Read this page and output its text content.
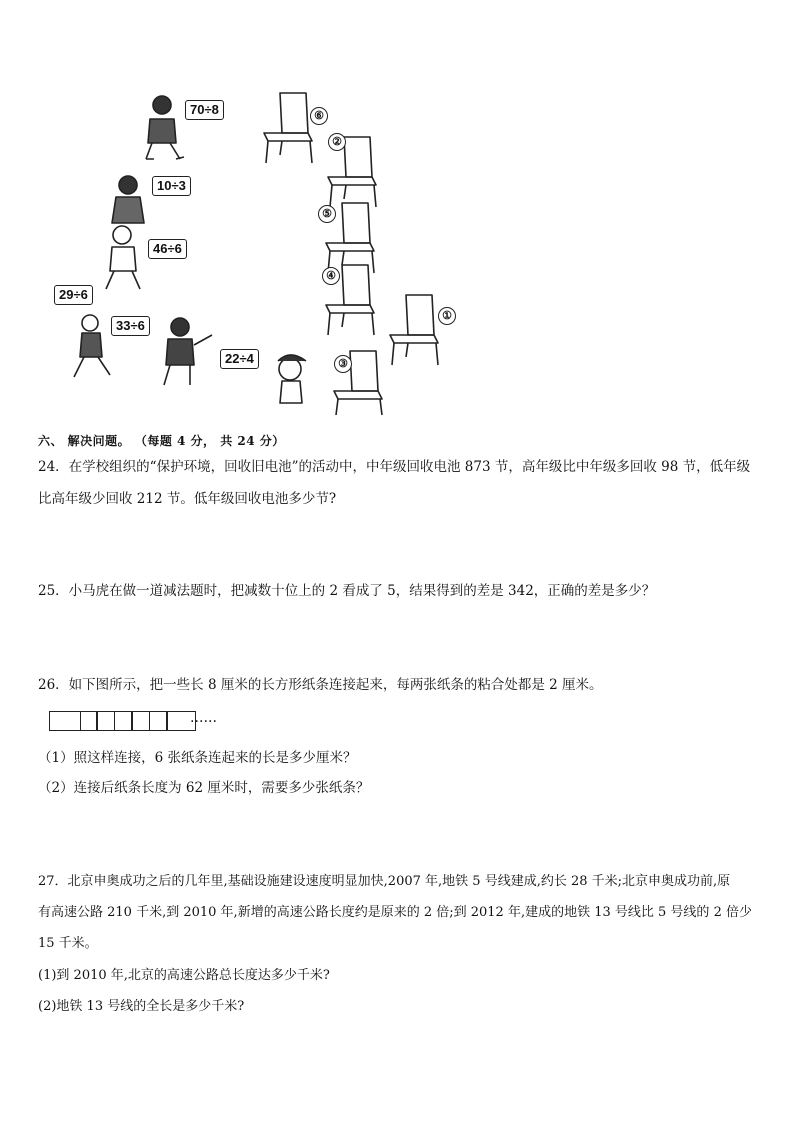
70÷8
10÷3
46÷6
29÷6
33÷6
22÷4
⑥
②
⑤
④
①
③
六、 解决问题。 （每题 4 分， 共 24 分）
24．在学校组织的“保护环境，回收旧电池”的活动中，中年级回收电池 873 节，高年级比中年级多回收 98 节，低年级
比高年级少回收 212 节。低年级回收电池多少节?
25．小马虎在做一道减法题时，把减数十位上的 2 看成了 5，结果得到的差是 342，正确的差是多少？
26．如下图所示，把一些长 8 厘米的长方形纸条连接起来，每两张纸条的粘合处都是 2 厘米。
……
（1）照这样连接，6 张纸条连起来的长是多少厘米？
（2）连接后纸条长度为 62 厘米时，需要多少张纸条？
27．北京申奥成功之后的几年里,基础设施建设速度明显加快,2007 年,地铁 5 号线建成,约长 28 千米;北京申奥成功前,原
有高速公路 210 千米,到 2010 年,新增的高速公路长度约是原来的 2 倍;到 2012 年,建成的地铁 13 号线比 5 号线的 2 倍少
15 千米。
(1)到 2010 年,北京的高速公路总长度达多少千米?
(2)地铁 13 号线的全长是多少千米?
